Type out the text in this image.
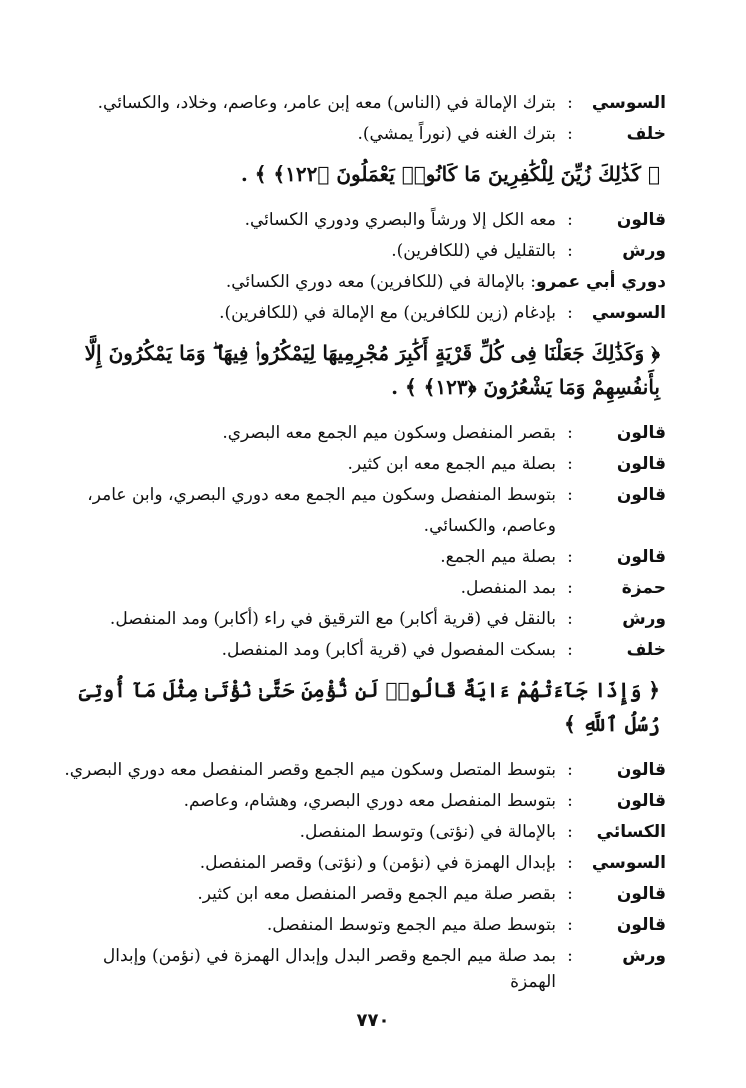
السوسي
:
بترك الإمالة في (الناس) معه إبن عامر، وعاصم، وخلاد، والكسائي.
خلف
:
بترك الغنه في (نوراً يمشي).
﴿ كَذَٰلِكَ زُيِّنَ لِلْكَٰفِرِينَ مَا كَانُوا۟ يَعْمَلُونَ ﴿١٢٢﴾ ﴾ .
قالون
:
معه الكل إلا ورشاً والبصري ودوري الكسائي.
ورش
:
بالتقليل في (للكافرين).
دوري أبي عمرو: بالإمالة في (للكافرين) معه دوري الكسائي.
السوسي
:
بإدغام (زين للكافرين) مع الإمالة في (للكافرين).
﴿ وَكَذَٰلِكَ جَعَلْنَا فِى كُلِّ قَرْيَةٍ أَكَٰبِرَ مُجْرِمِيهَا لِيَمْكُرُوا۟ فِيهَا ۖ وَمَا يَمْكُرُونَ إِلَّا بِأَنفُسِهِمْ وَمَا يَشْعُرُونَ ﴿١٢٣﴾ ﴾ .
قالون
:
بقصر المنفصل وسكون ميم الجمع معه البصري.
قالون
:
بصلة ميم الجمع معه ابن كثير.
قالون
:
بتوسط المنفصل وسكون ميم الجمع معه دوري البصري، وابن عامر،
وعاصم، والكسائي.
قالون
:
بصلة ميم الجمع.
حمزة
:
بمد المنفصل.
ورش
:
بالنقل في (قرية أكابر) مع الترقيق في راء (أكابر) ومد المنفصل.
خلف
:
بسكت المفصول في (قرية أكابر) ومد المنفصل.
﴿ وَإِذَا جَآءَتْهُمْ ءَايَةٌ قَالُوا۟ لَن نُّؤْمِنَ حَتَّىٰ نُؤْتَىٰ مِثْلَ مَآ أُوتِىَ رُسُلُ ٱللَّهِ ﴾
قالون
:
بتوسط المتصل وسكون ميم الجمع وقصر المنفصل معه دوري البصري.
قالون
:
بتوسط المنفصل معه دوري البصري، وهشام، وعاصم.
الكسائي
:
بالإمالة في (نؤتى) وتوسط المنفصل.
السوسي
:
بإبدال الهمزة في (نؤمن) و (نؤتى) وقصر المنفصل.
قالون
:
بقصر صلة ميم الجمع وقصر المنفصل معه ابن كثير.
قالون
:
بتوسط صلة ميم الجمع وتوسط المنفصل.
ورش
:
بمد صلة ميم الجمع وقصر البدل وإبدال الهمزة في (نؤمن) وإبدال الهمزة
٧٧٠
